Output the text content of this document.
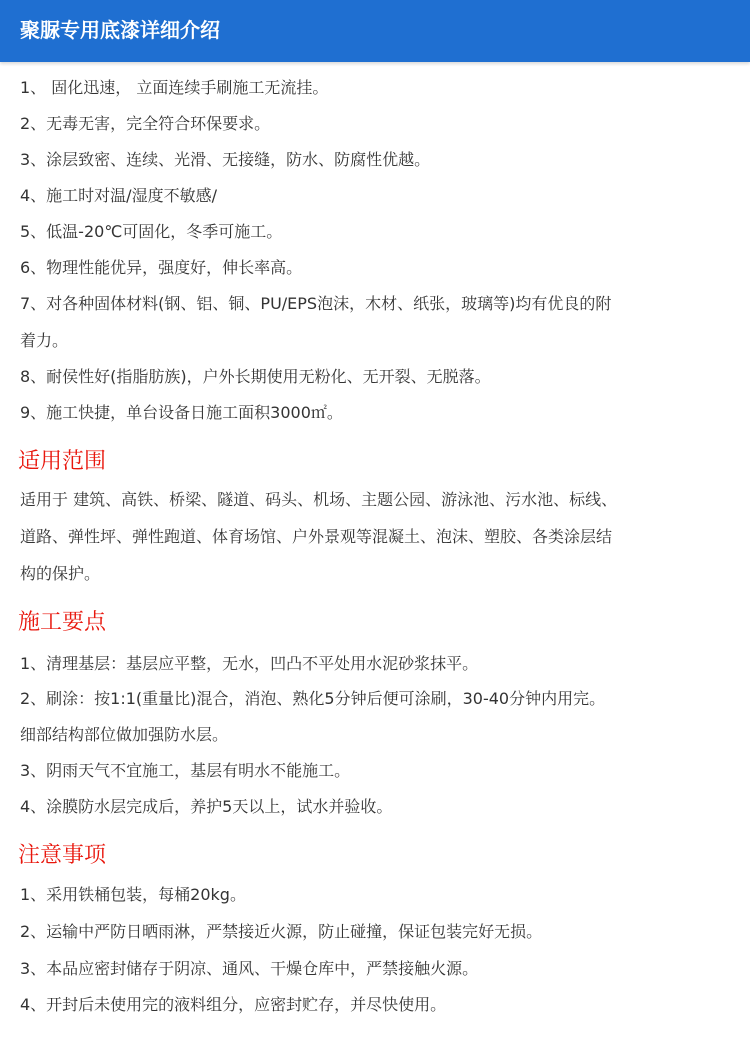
聚脲专用底漆详细介绍
1、 固化迅速， 立面连续手刷施工无流挂。
2、无毒无害，完全符合环保要求。
3、涂层致密、连续、光滑、无接缝，防水、防腐性优越。
4、施工时对温/湿度不敏感/
5、低温-20℃可固化，冬季可施工。
6、物理性能优异，强度好，伸长率高。
7、对各种固体材料(钢、铝、铜、PU/EPS泡沫，木材、纸张，玻璃等)均有优良的附
着力。
8、耐侯性好(指脂肪族)，户外长期使用无粉化、无开裂、无脱落。
9、施工快捷，单台设备日施工面积3000㎡。
适用范围
适用于 建筑、高铁、桥梁、隧道、码头、机场、主题公园、游泳池、污水池、标线、
道路、弹性坪、弹性跑道、体育场馆、户外景观等混凝土、泡沫、塑胶、各类涂层结
构的保护。
施工要点
1、清理基层：基层应平整，无水，凹凸不平处用水泥砂浆抹平。
2、刷涂：按1:1(重量比)混合，消泡、熟化5分钟后便可涂刷，30-40分钟内用完。
细部结构部位做加强防水层。
3、阴雨天气不宜施工，基层有明水不能施工。
4、涂膜防水层完成后，养护5天以上，试水并验收。
注意事项
1、采用铁桶包装，每桶20kg。
2、运输中严防日晒雨淋，严禁接近火源，防止碰撞，保证包装完好无损。
3、本品应密封储存于阴凉、通风、干燥仓库中，严禁接触火源。
4、开封后未使用完的液料组分，应密封贮存，并尽快使用。
